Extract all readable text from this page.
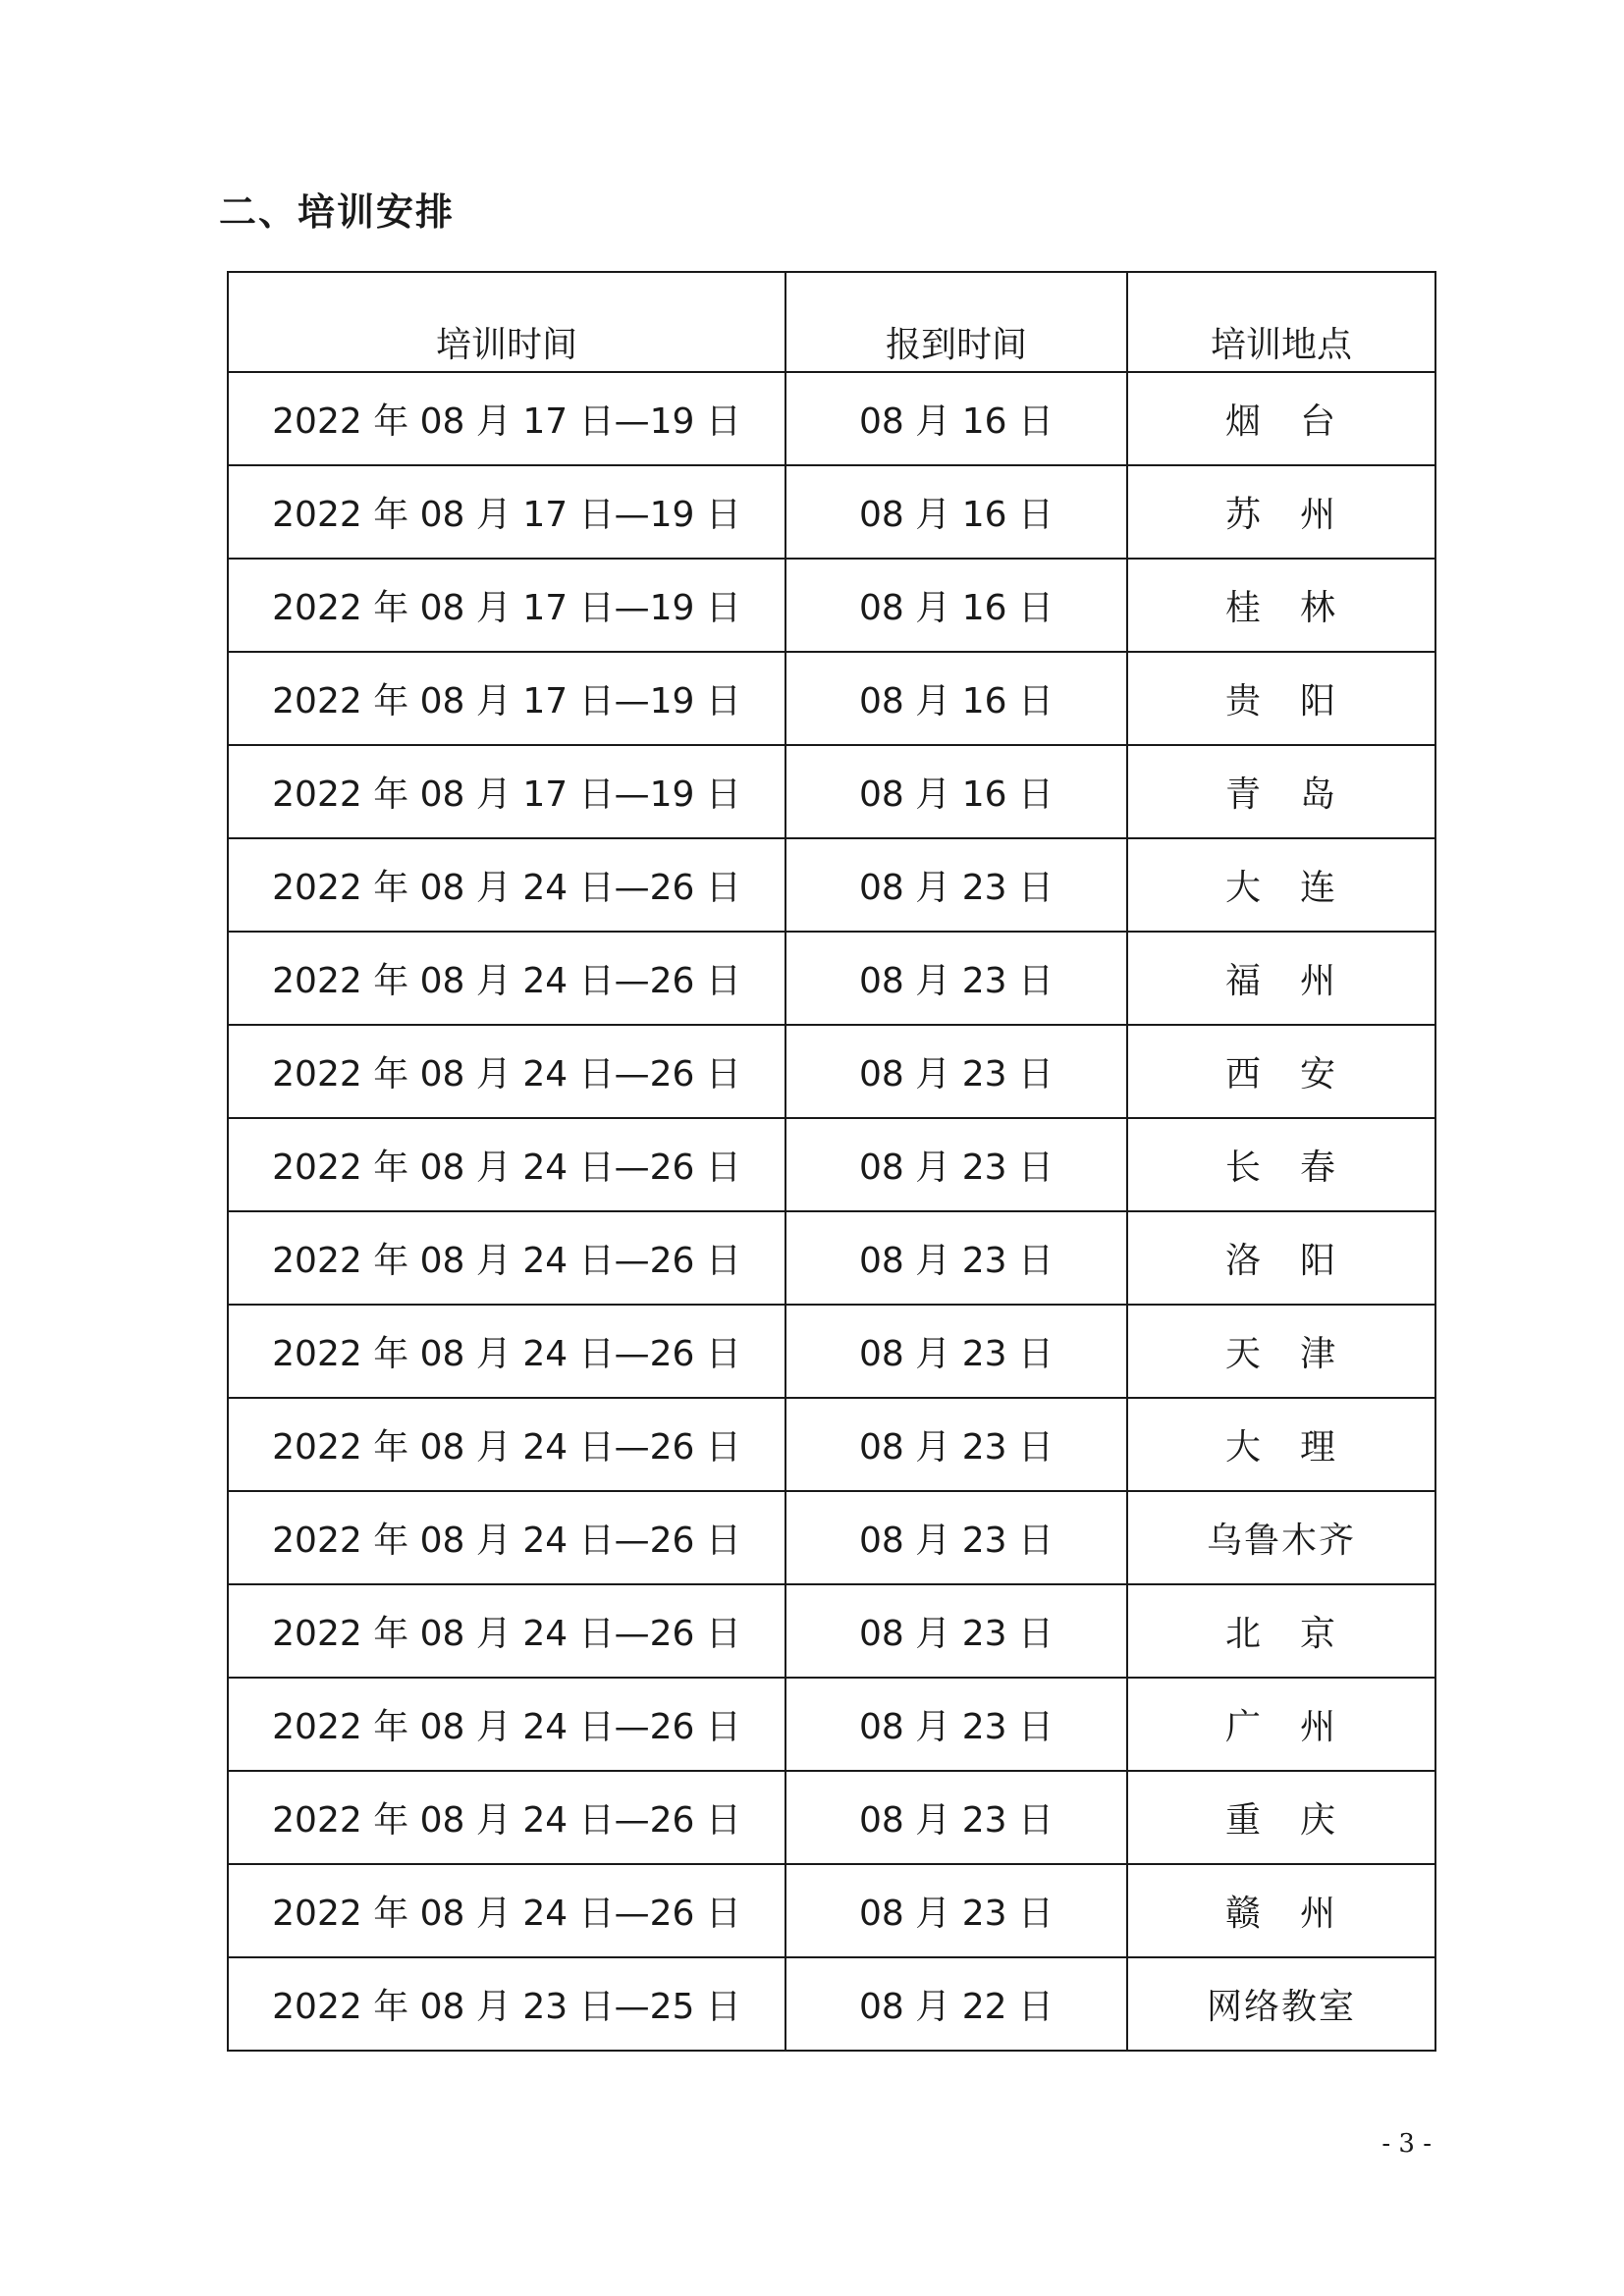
二、培训安排
培训时间	报到时间	培训地点
2022 年 08 月 17 日—19 日	08 月 16 日	烟　台
2022 年 08 月 17 日—19 日	08 月 16 日	苏　州
2022 年 08 月 17 日—19 日	08 月 16 日	桂　林
2022 年 08 月 17 日—19 日	08 月 16 日	贵　阳
2022 年 08 月 17 日—19 日	08 月 16 日	青　岛
2022 年 08 月 24 日—26 日	08 月 23 日	大　连
2022 年 08 月 24 日—26 日	08 月 23 日	福　州
2022 年 08 月 24 日—26 日	08 月 23 日	西　安
2022 年 08 月 24 日—26 日	08 月 23 日	长　春
2022 年 08 月 24 日—26 日	08 月 23 日	洛　阳
2022 年 08 月 24 日—26 日	08 月 23 日	天　津
2022 年 08 月 24 日—26 日	08 月 23 日	大　理
2022 年 08 月 24 日—26 日	08 月 23 日	乌鲁木齐
2022 年 08 月 24 日—26 日	08 月 23 日	北　京
2022 年 08 月 24 日—26 日	08 月 23 日	广　州
2022 年 08 月 24 日—26 日	08 月 23 日	重　庆
2022 年 08 月 24 日—26 日	08 月 23 日	赣　州
2022 年 08 月 23 日—25 日	08 月 22 日	网络教室
- 3 -
